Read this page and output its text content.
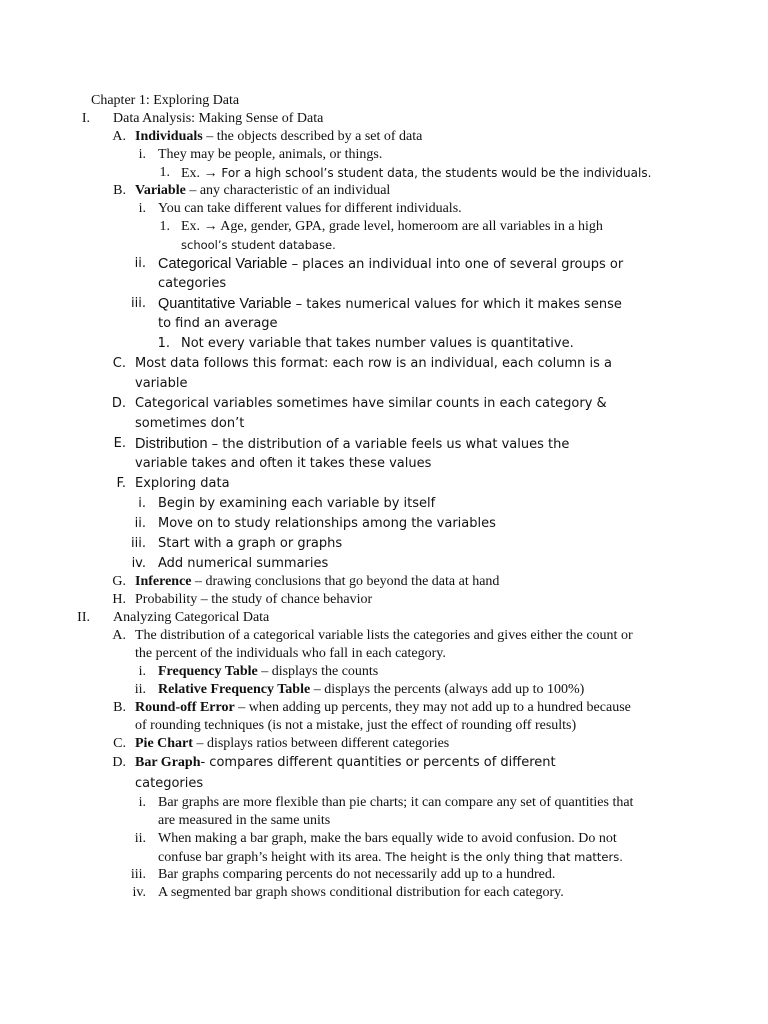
Chapter 1: Exploring Data
I. Data Analysis: Making Sense of Data
A. Individuals – the objects described by a set of data
i. They may be people, animals, or things.
1. Ex. → For a high school’s student data, the students would be the individuals.
B. Variable – any characteristic of an individual
i. You can take different values for different individuals.
1. Ex. → Age, gender, GPA, grade level, homeroom are all variables in a high
school’s student database.
ii. Categorical Variable – places an individual into one of several groups or
categories
iii. Quantitative Variable – takes numerical values for which it makes sense
to find an average
1. Not every variable that takes number values is quantitative.
C. Most data follows this format: each row is an individual, each column is a
variable
D. Categorical variables sometimes have similar counts in each category &
sometimes don’t
E. Distribution – the distribution of a variable feels us what values the
variable takes and often it takes these values
F. Exploring data
i. Begin by examining each variable by itself
ii. Move on to study relationships among the variables
iii. Start with a graph or graphs
iv. Add numerical summaries
G. Inference – drawing conclusions that go beyond the data at hand
H. Probability – the study of chance behavior
II. Analyzing Categorical Data
A. The distribution of a categorical variable lists the categories and gives either the count or
the percent of the individuals who fall in each category.
i. Frequency Table – displays the counts
ii. Relative Frequency Table – displays the percents (always add up to 100%)
B. Round-off Error – when adding up percents, they may not add up to a hundred because
of rounding techniques (is not a mistake, just the effect of rounding off results)
C. Pie Chart – displays ratios between different categories
D. Bar Graph- compares different quantities or percents of different
categories
i. Bar graphs are more flexible than pie charts; it can compare any set of quantities that
are measured in the same units
ii. When making a bar graph, make the bars equally wide to avoid confusion. Do not
confuse bar graph’s height with its area. The height is the only thing that matters.
iii. Bar graphs comparing percents do not necessarily add up to a hundred.
iv. A segmented bar graph shows conditional distribution for each category.
